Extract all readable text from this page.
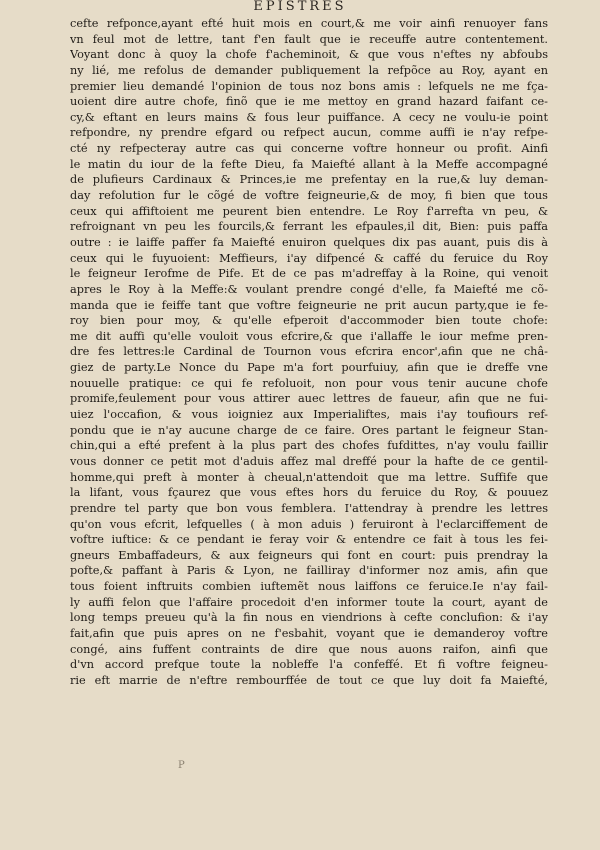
EPISTRES
cefte refponce,ayant efté huit mois en court,& me voir ainfi renuoyer fans
vn feul mot de lettre, tant f'en fault que ie receuffe autre contentement.
Voyant donc à quoy la chofe f'acheminoit, & que vous n'eftes ny abfoubs
ny lié, me refolus de demander publiquement la refpõce au Roy, ayant en
premier lieu demandé l'opinion de tous noz bons amis : lefquels ne me fça-
uoient dire autre chofe, finõ que ie me mettoy en grand hazard faifant ce-
cy,& eftant en leurs mains & fous leur puiffance. A cecy ne voulu-ie point
refpondre, ny prendre efgard ou refpect aucun, comme auffi ie n'ay refpe-
cté ny refpecteray autre cas qui concerne voftre honneur ou profit. Ainfi
le matin du iour de la fefte Dieu, fa Maiefté allant à la Meffe accompagné
de plufieurs Cardinaux & Princes,ie me prefentay en la rue,& luy deman-
day refolution fur le cõgé de voftre feigneurie,& de moy, fi bien que tous
ceux qui affiftoient me peurent bien entendre. Le Roy f'arrefta vn peu, &
refroignant vn peu les fourcils,& ferrant les efpaules,il dit, Bien: puis paffa
outre : ie laiffe paffer fa Maiefté enuiron quelques dix pas auant, puis dis à
ceux qui le fuyuoient: Meffieurs, i'ay difpencé & caffé du feruice du Roy
le feigneur Ierofme de Pife. Et de ce pas m'adreffay à la Roine, qui venoit
apres le Roy à la Meffe:& voulant prendre congé d'elle, fa Maiefté me cõ-
manda que ie feiffe tant que voftre feigneurie ne prit aucun party,que ie fe-
roy bien pour moy, & qu'elle efperoit d'accommoder bien toute chofe:
me dit auffi qu'elle vouloit vous efcrire,& que i'allaffe le iour mefme pren-
dre fes lettres:le Cardinal de Tournon vous efcrira encor',afin que ne châ-
giez de party.Le Nonce du Pape m'a fort pourfuiuy, afin que ie dreffe vne
nouuelle pratique: ce qui fe refoluoit, non pour vous tenir aucune chofe
promife,feulement pour vous attirer auec lettres de faueur, afin que ne fui-
uiez l'occafion, & vous ioigniez aux Imperialiftes, mais i'ay toufiours ref-
pondu que ie n'ay aucune charge de ce faire. Ores partant le feigneur Stan-
chin,qui a efté prefent à la plus part des chofes fufdittes, n'ay voulu faillir
vous donner ce petit mot d'aduis affez mal dreffé pour la hafte de ce gentil-
homme,qui preft à monter à cheual,n'attendoit que ma lettre. Suffife que
la lifant, vous fçaurez que vous eftes hors du feruice du Roy, & pouuez
prendre tel party que bon vous femblera. I'attendray à prendre les lettres
qu'on vous efcrit, lefquelles ( à mon aduis ) feruiront à l'eclarciffement de
voftre iuftice: & ce pendant ie feray voir & entendre ce fait à tous les fei-
gneurs Embaffadeurs, & aux feigneurs qui font en court: puis prendray la
pofte,& paffant à Paris & Lyon, ne failliray d'informer noz amis, afin que
tous foient inftruits combien iuftemẽt nous laiffons ce feruice.Ie n'ay fail-
ly auffi felon que l'affaire procedoit d'en informer toute la court, ayant de
long temps preueu qu'à la fin nous en viendrions à cefte conclufion: & i'ay
fait,afin que puis apres on ne f'esbahit, voyant que ie demanderoy voftre
congé, ains fuffent contraints de dire que nous auons raifon, ainfi que
d'vn accord prefque toute la nobleffe l'a confeffé. Et fi voftre feigneu-
rie eft marrie de n'eftre rembourffée de tout ce que luy doit fa Maiefté,
P
